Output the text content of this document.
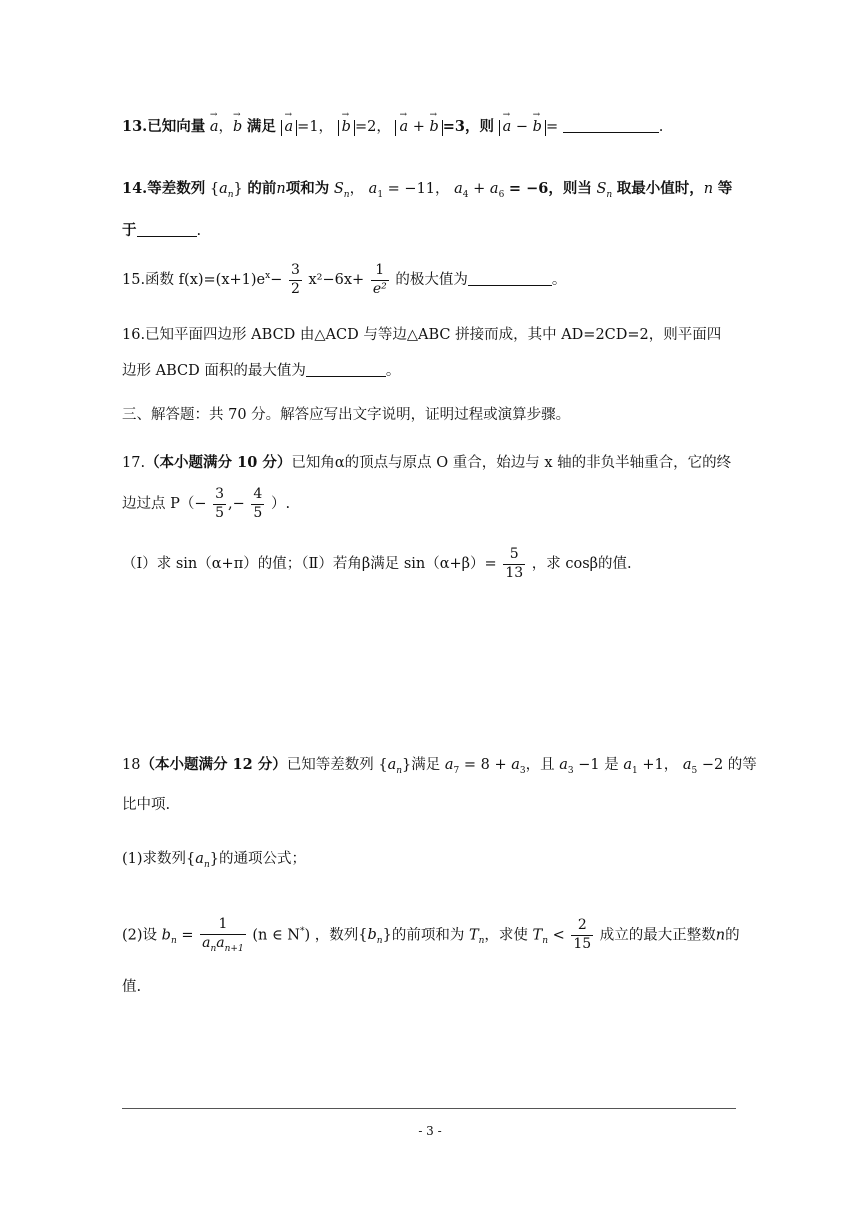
13.已知向量 → a，→ b 满足 → a =1， → b =2， → a + → b =3，则 → a − → b =	.
14.等差数列 $\{a_n\}$ 的前n项和为 $S_n$， $a_1 = -11$， $a_4 + a_6 = -6$，则当 $S_n$ 取最小值时，n 等
于	.
15.函数 $f(x)=(x+1)e^x- \frac{3}{2} x^2-6x+ \frac{1}{\text{e²}}$ 的极大值为	。
16.已知平面四边形 ABCD 由△ACD 与等边△ABC 拼接而成，其中 AD=2CD=2，则平面四
边形 ABCD 面积的最大值为	。
三、解答题：共 70 分。解答应写出文字说明，证明过程或演算步骤。
17.（本小题满分 10 分）已知角α的顶点与原点 O 重合，始边与 x 轴的非负半轴重合，它的终
边过点 $P(- \frac{3}{5}$ ,− $\frac{4}{5}$ ）.
（Ⅰ）求 sin（α+π）的值；（Ⅱ）若角β满足 $\sin(\alpha+\beta)= \frac{5}{13}$ ，求 cosβ的值.
18（本小题满分 12 分）已知等差数列 $\{a_n\}$满足 $a_7 = 8 + a_3$，且 $a_3 -1$ 是 $a_1 +1$， $a_5 -2$ 的等
比中项.
(1)求数列$\{a_n\}$的通项公式；
(2)设 $b_n = \frac{1}{a_na_{n+1}} (n$ ∈ N*) ，数列$\{b_n\}$的前项和为 $T_n$，求使 $T_n < \frac{2}{15}$ 成立的最大正整数n的
值.
- 3 -
